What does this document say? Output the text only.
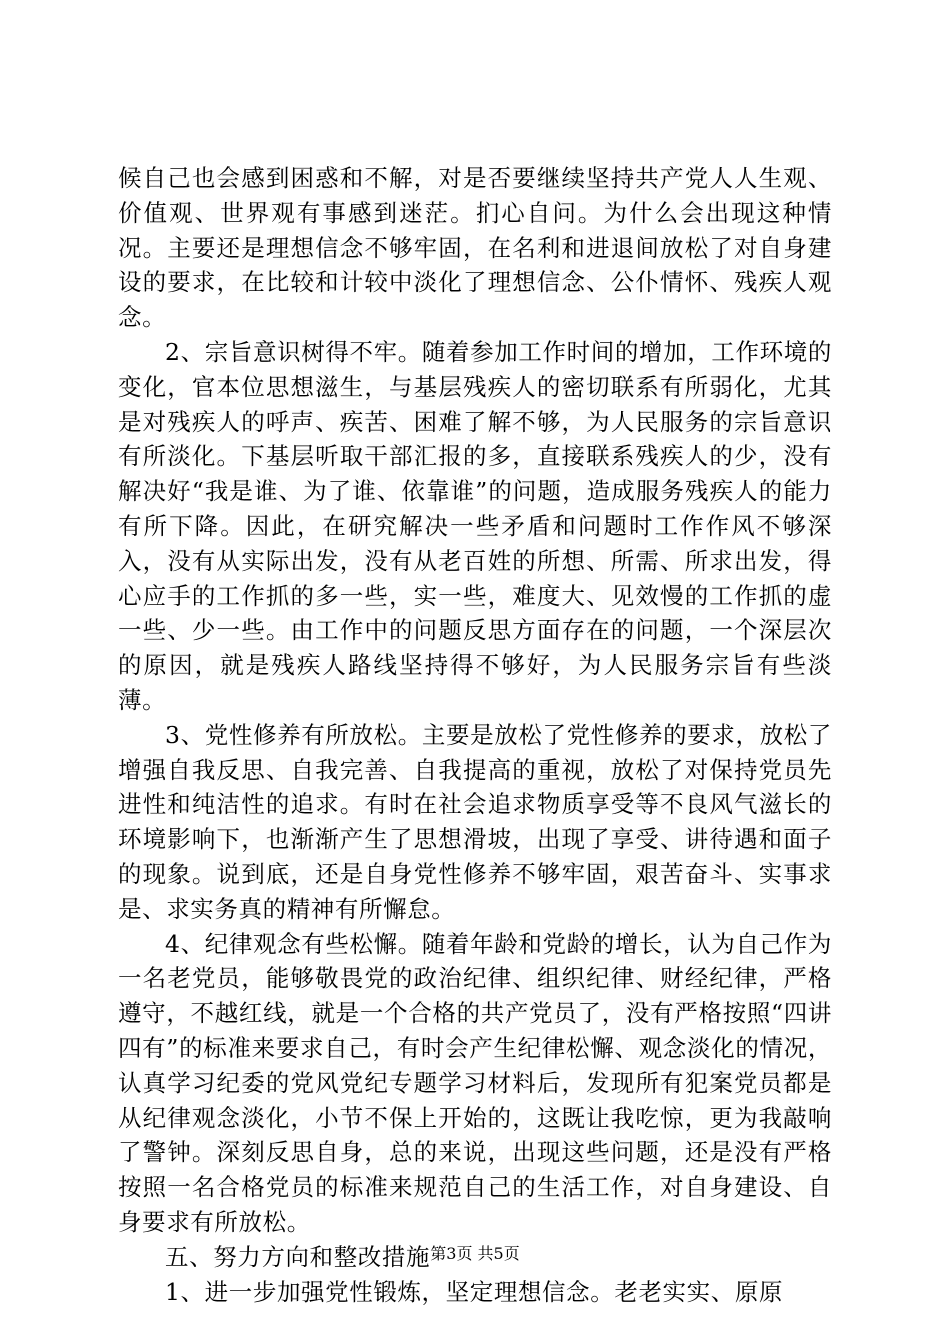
候自己也会感到困惑和不解，对是否要继续坚持共产党人人生观、价值观、世界观有事感到迷茫。扪心自问。为什么会出现这种情况。主要还是理想信念不够牢固，在名利和进退间放松了对自身建设的要求，在比较和计较中淡化了理想信念、公仆情怀、残疾人观念。

2、宗旨意识树得不牢。随着参加工作时间的增加，工作环境的变化，官本位思想滋生，与基层残疾人的密切联系有所弱化，尤其是对残疾人的呼声、疾苦、困难了解不够，为人民服务的宗旨意识有所淡化。下基层听取干部汇报的多，直接联系残疾人的少，没有解决好“我是谁、为了谁、依靠谁”的问题，造成服务残疾人的能力有所下降。因此，在研究解决一些矛盾和问题时工作作风不够深入，没有从实际出发，没有从老百姓的所想、所需、所求出发，得心应手的工作抓的多一些，实一些，难度大、见效慢的工作抓的虚一些、少一些。由工作中的问题反思方面存在的问题，一个深层次的原因，就是残疾人路线坚持得不够好，为人民服务宗旨有些淡薄。

3、党性修养有所放松。主要是放松了党性修养的要求，放松了增强自我反思、自我完善、自我提高的重视，放松了对保持党员先进性和纯洁性的追求。有时在社会追求物质享受等不良风气滋长的环境影响下，也渐渐产生了思想滑坡，出现了享受、讲待遇和面子的现象。说到底，还是自身党性修养不够牢固，艰苦奋斗、实事求是、求实务真的精神有所懈怠。

4、纪律观念有些松懈。随着年龄和党龄的增长，认为自己作为一名老党员，能够敬畏党的政治纪律、组织纪律、财经纪律，严格遵守，不越红线，就是一个合格的共产党员了，没有严格按照“四讲四有”的标准来要求自己，有时会产生纪律松懈、观念淡化的情况，认真学习纪委的党风党纪专题学习材料后，发现所有犯案党员都是从纪律观念淡化，小节不保上开始的，这既让我吃惊，更为我敲响了警钟。深刻反思自身，总的来说，出现这些问题，还是没有严格按照一名合格党员的标准来规范自己的生活工作，对自身建设、自身要求有所放松。

五、努力方向和整改措施

1、进一步加强党性锻炼，坚定理想信念。老老实实、原原

第3页 共5页
